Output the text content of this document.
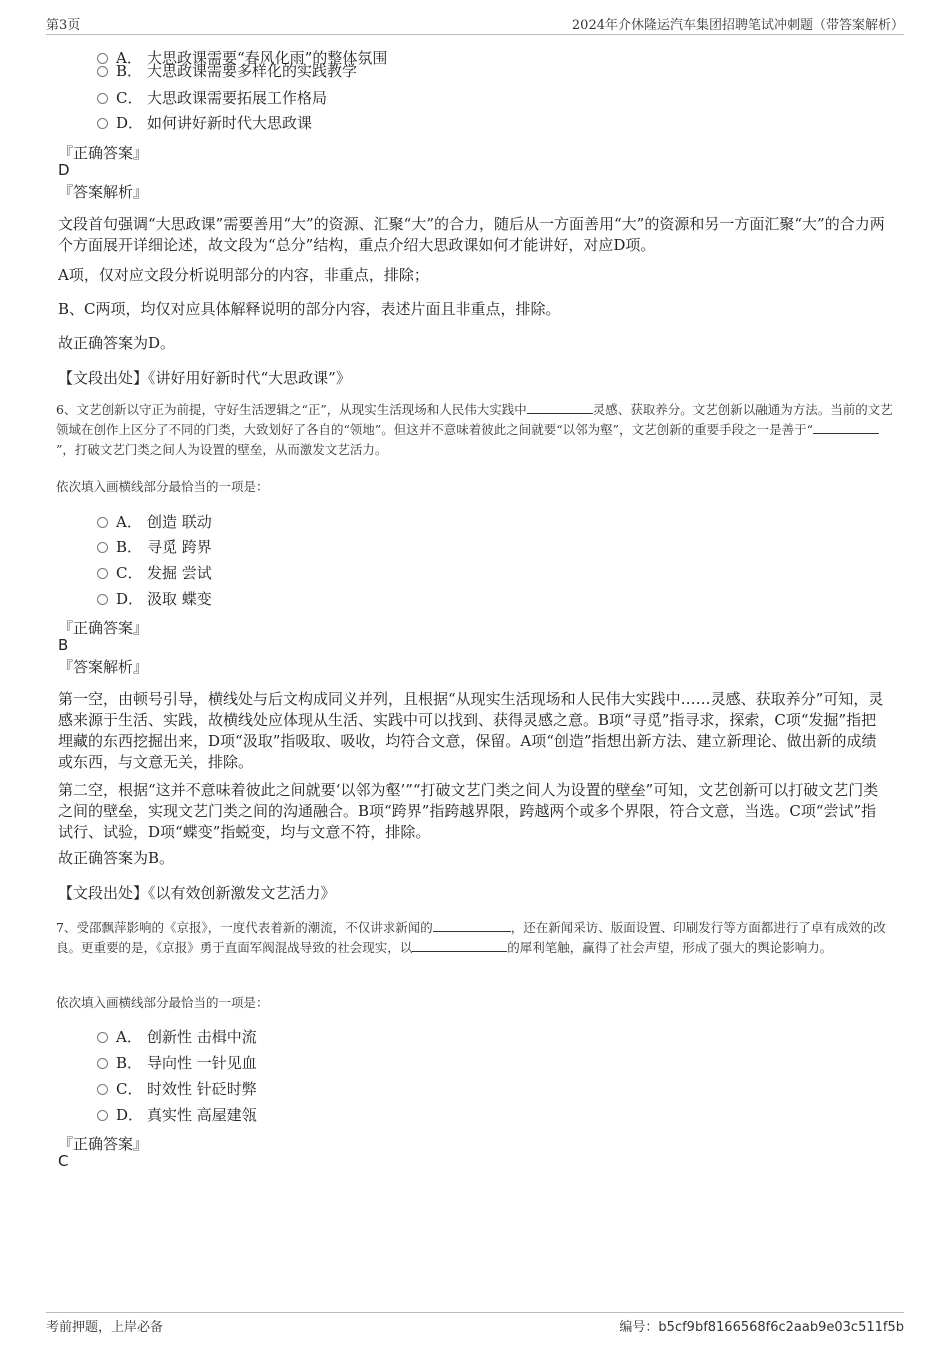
第3页	2024年介休隆运汽车集团招聘笔试冲刺题（带答案解析）
A． 大思政课需要“春风化雨”的整体氛围
B． 大思政课需要多样化的实践教学
C． 大思政课需要拓展工作格局
D． 如何讲好新时代大思政课
『正确答案』
D
『答案解析』
文段首句强调“大思政课”需要善用“大”的资源、汇聚“大”的合力，随后从一方面善用“大”的资源和另一方面汇聚“大”的合力两个方面展开详细论述，故文段为“总分”结构，重点介绍大思政课如何才能讲好，对应D项。
A项，仅对应文段分析说明部分的内容，非重点，排除；
B、C两项，均仅对应具体解释说明的部分内容，表述片面且非重点，排除。
故正确答案为D。
【文段出处】《讲好用好新时代“大思政课”》
6、文艺创新以守正为前提，守好生活逻辑之“正”，从现实生活现场和人民伟大实践中	灵感、获取养分。文艺创新以融通为方法。当前的文艺领域在创作上区分了不同的门类，大致划好了各自的“领地”。但这并不意味着彼此之间就要“以邻为壑”，文艺创新的重要手段之一是善于“”，打破文艺门类之间人为设置的壁垒，从而激发文艺活力。
依次填入画横线部分最恰当的一项是：
A． 创造 联动
B． 寻觅 跨界
C． 发掘 尝试
D． 汲取 蝶变
『正确答案』
B
『答案解析』
第一空，由顿号引导，横线处与后文构成同义并列，且根据“从现实生活现场和人民伟大实践中……灵感、获取养分”可知，灵感来源于生活、实践，故横线处应体现从生活、实践中可以找到、获得灵感之意。B项“寻觅”指寻求，探索，C项“发掘”指把埋藏的东西挖掘出来，D项“汲取”指吸取、吸收，均符合文意，保留。A项“创造”指想出新方法、建立新理论、做出新的成绩或东西，与文意无关，排除。
第二空，根据“这并不意味着彼此之间就要‘以邻为壑’”“打破文艺门类之间人为设置的壁垒”可知，文艺创新可以打破文艺门类之间的壁垒，实现文艺门类之间的沟通融合。B项“跨界”指跨越界限，跨越两个或多个界限，符合文意，当选。C项“尝试”指试行、试验，D项“蝶变”指蜕变，均与文意不符，排除。
故正确答案为B。
【文段出处】《以有效创新激发文艺活力》
7、受邵飘萍影响的《京报》，一度代表着新的潮流，不仅讲求新闻的	，还在新闻采访、版面设置、印刷发行等方面都进行了卓有成效的改良。更重要的是，《京报》勇于直面军阀混战导致的社会现实，以	的犀利笔触，赢得了社会声望，形成了强大的舆论影响力。
依次填入画横线部分最恰当的一项是：
A． 创新性 击楫中流
B． 导向性 一针见血
C． 时效性 针砭时弊
D． 真实性 高屋建瓴
『正确答案』
C
考前押题，上岸必备	编号：b5cf9bf8166568f6c2aab9e03c511f5b
